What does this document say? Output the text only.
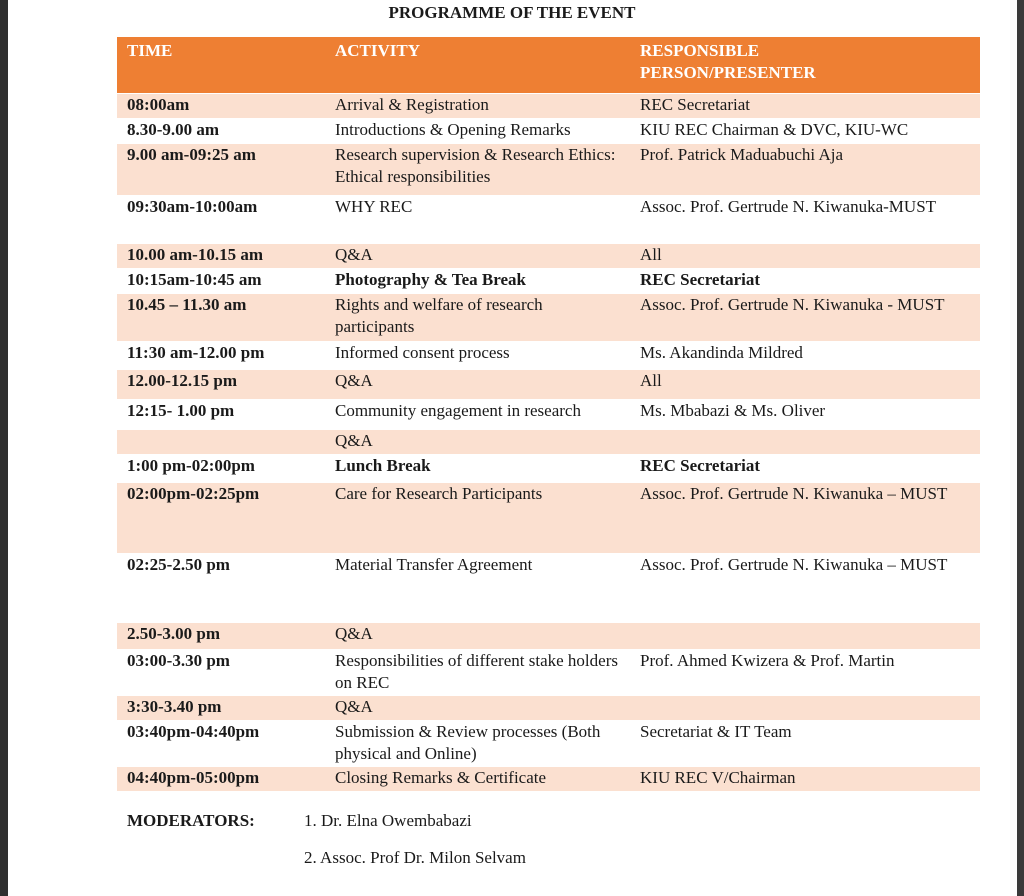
PROGRAMME OF THE EVENT
TIME	ACTIVITY	RESPONSIBLE
PERSON/PRESENTER
08:00am	Arrival & Registration	REC Secretariat
8.30-9.00 am	Introductions & Opening Remarks	KIU REC Chairman & DVC, KIU-WC
9.00 am-09:25 am	Research supervision & Research Ethics: Ethical responsibilities	Prof. Patrick Maduabuchi Aja
09:30am-10:00am	WHY REC	Assoc. Prof. Gertrude N. Kiwanuka-MUST
10.00 am-10.15 am	Q&A	All
10:15am-10:45 am	Photography & Tea Break	REC Secretariat
10.45 – 11.30 am	Rights and welfare of research participants	Assoc. Prof. Gertrude N. Kiwanuka - MUST
11:30 am-12.00 pm	Informed consent process	Ms. Akandinda Mildred
12.00-12.15 pm	Q&A	All
12:15- 1.00 pm	Community engagement in research	Ms. Mbabazi & Ms. Oliver
	Q&A	
1:00 pm-02:00pm	Lunch Break	REC Secretariat
02:00pm-02:25pm	Care for Research Participants	Assoc. Prof. Gertrude N. Kiwanuka – MUST
02:25-2.50 pm	Material Transfer Agreement	Assoc. Prof. Gertrude N. Kiwanuka – MUST
2.50-3.00 pm	Q&A	
03:00-3.30 pm	Responsibilities of different stake holders on REC	Prof. Ahmed Kwizera & Prof. Martin
3:30-3.40 pm	Q&A	
03:40pm-04:40pm	Submission & Review processes (Both physical and Online)	Secretariat & IT Team
04:40pm-05:00pm	Closing Remarks & Certificate	KIU REC V/Chairman
MODERATORS:	1. Dr. Elna Owembabazi
2. Assoc. Prof Dr. Milon Selvam
